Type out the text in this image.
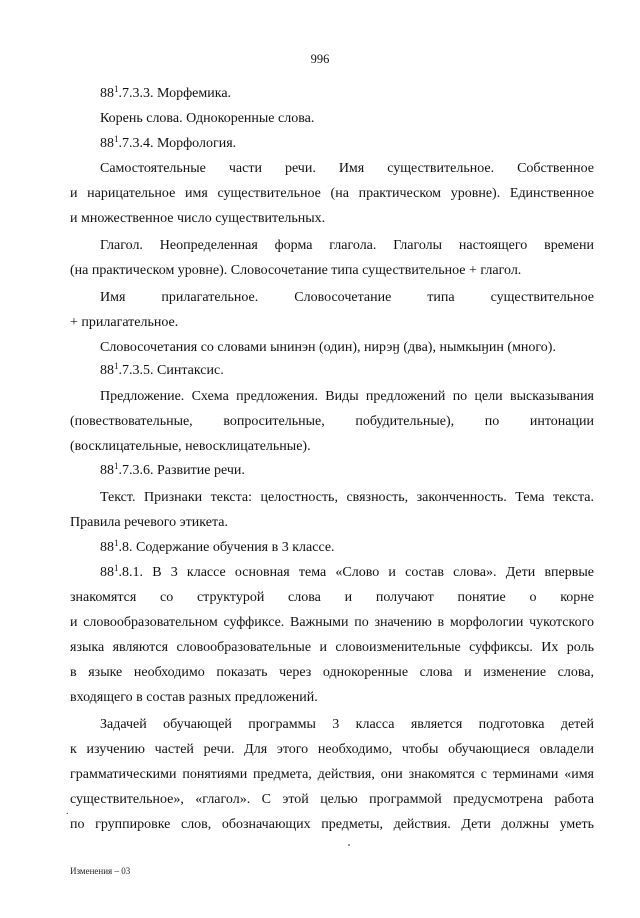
996
$88^1.7.3.3$. Морфемика.
Корень слова. Однокоренные слова.
$88^1.7.3.4$. Морфология.
Самостоятельные части речи. Имя существительное. Собственное
и нарицательное имя существительное (на практическом уровне). Единственное
и множественное число существительных.
Глагол. Неопределенная форма глагола. Глаголы настоящего времени
(на практическом уровне). Словосочетание типа существительное + глагол.
Имя прилагательное. Словосочетание типа существительное
+ прилагательное.
Словосочетания со словами ынинэн (один), нирэӈ (два), нымкыӈин (много).
$88^1.7.3.5$. Синтаксис.
Предложение. Схема предложения. Виды предложений по цели высказывания
(повествовательные, вопросительные, побудительные), по интонации
(восклицательные, невосклицательные).
$88^1.7.3.6$. Развитие речи.
Текст. Признаки текста: целостность, связность, законченность. Тема текста.
Правила речевого этикета.
$88^1.8$. Содержание обучения в 3 классе.
$88^1.8.1$. В 3 классе основная тема «Слово и состав слова». Дети впервые
знакомятся со структурой слова и получают понятие о корне
и словообразовательном суффиксе. Важными по значению в морфологии чукотского
языка являются словообразовательные и словоизменительные суффиксы. Их роль
в языке необходимо показать через однокоренные слова и изменение слова,
входящего в состав разных предложений.
Задачей обучающей программы 3 класса является подготовка детей
к изучению частей речи. Для этого необходимо, чтобы обучающиеся овладели
грамматическими понятиями предмета, действия, они знакомятся с терминами «имя
существительное», «глагол». С этой целью программой предусмотрена работа
по группировке слов, обозначающих предметы, действия. Дети должны уметь
.
Изменения – 03
